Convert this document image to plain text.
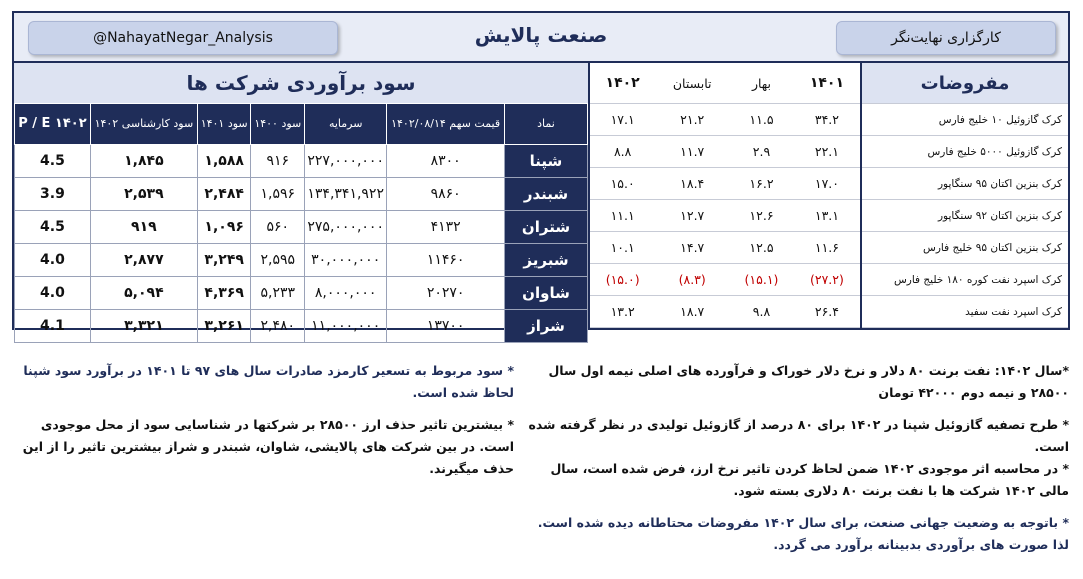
@NahayatNegar_Analysis	صنعت پالایش	کارگزاری نهایت‌نگر
سود برآوردی شرکت ها
نماد	قیمت سهم ۱۴۰۲/۰۸/۱۴	سرمایه	سود ۱۴۰۰	سود ۱۴۰۱	سود کارشناسی ۱۴۰۲	P / E ۱۴۰۲
شپنا	۸۳۰۰	۲۲۷,۰۰۰,۰۰۰	۹۱۶	۱,۵۸۸	۱,۸۴۵	4.5
شبندر	۹۸۶۰	۱۳۴,۳۴۱,۹۲۲	۱,۵۹۶	۲,۴۸۴	۲,۵۳۹	3.9
شتران	۴۱۳۲	۲۷۵,۰۰۰,۰۰۰	۵۶۰	۱,۰۹۶	۹۱۹	4.5
شبریز	۱۱۴۶۰	۳۰,۰۰۰,۰۰۰	۲,۵۹۵	۳,۲۴۹	۲,۸۷۷	4.0
شاوان	۲۰۲۷۰	۸,۰۰۰,۰۰۰	۵,۲۳۳	۴,۳۶۹	۵,۰۹۴	4.0
شراز	۱۳۷۰۰	۱۱,۰۰۰,۰۰۰	۲,۴۸۰	۳,۲۶۱	۳,۳۲۱	4.1
مفروضات	۱۴۰۱	بهار	تابستان	۱۴۰۲
کرک گازوئیل ۱۰ خلیج فارس	۳۴.۲	۱۱.۵	۲۱.۲	۱۷.۱
کرک گازوئیل ۵۰۰۰ خلیج فارس	۲۲.۱	۲.۹	۱۱.۷	۸.۸
کرک بنزین اکتان ۹۵ سنگاپور	۱۷.۰	۱۶.۲	۱۸.۴	۱۵.۰
کرک بنزین اکتان ۹۲ سنگاپور	۱۳.۱	۱۲.۶	۱۲.۷	۱۱.۱
کرک بنزین اکتان ۹۵ خلیج فارس	۱۱.۶	۱۲.۵	۱۴.۷	۱۰.۱
کرک اسپرد نفت کوره ۱۸۰ خلیج فارس	(۲۷.۲)	(۱۵.۱)	(۸.۳)	(۱۵.۰)
کرک اسپرد نفت سفید	۲۶.۴	۹.۸	۱۸.۷	۱۳.۲

*سال ۱۴۰۲: نفت برنت ۸۰ دلار و نرخ دلار خوراک و فرآورده های اصلی نیمه اول سال ۲۸۵۰۰ و نیمه دوم ۴۲۰۰۰ تومان

* طرح تصفیه گازوئیل شپنا در ۱۴۰۲ برای ۸۰ درصد از گازوئیل تولیدی در نظر گرفته شده است.

* در محاسبه اثر موجودی ۱۴۰۲ ضمن لحاظ کردن تاثیر نرخ ارز، فرض شده است، سال مالی ۱۴۰۲ شرکت ها با نفت برنت ۸۰ دلاری بسته شود.

* باتوجه به وضعیت جهانی صنعت، برای سال ۱۴۰۲ مفروضات محتاطانه دیده شده است. لذا صورت های برآوردی بدبینانه برآورد می گردد.

* سود مربوط به تسعیر کارمزد صادرات سال های ۹۷ تا ۱۴۰۱ در برآورد سود شپنا لحاظ شده است.

* بیشترین تاثیر حذف ارز ۲۸۵۰۰ بر شرکتها در شناسایی سود از محل موجودی است. در بین شرکت های پالایشی، شاوان، شبندر و شراز بیشترین تاثیر را از این حذف میگیرند.
